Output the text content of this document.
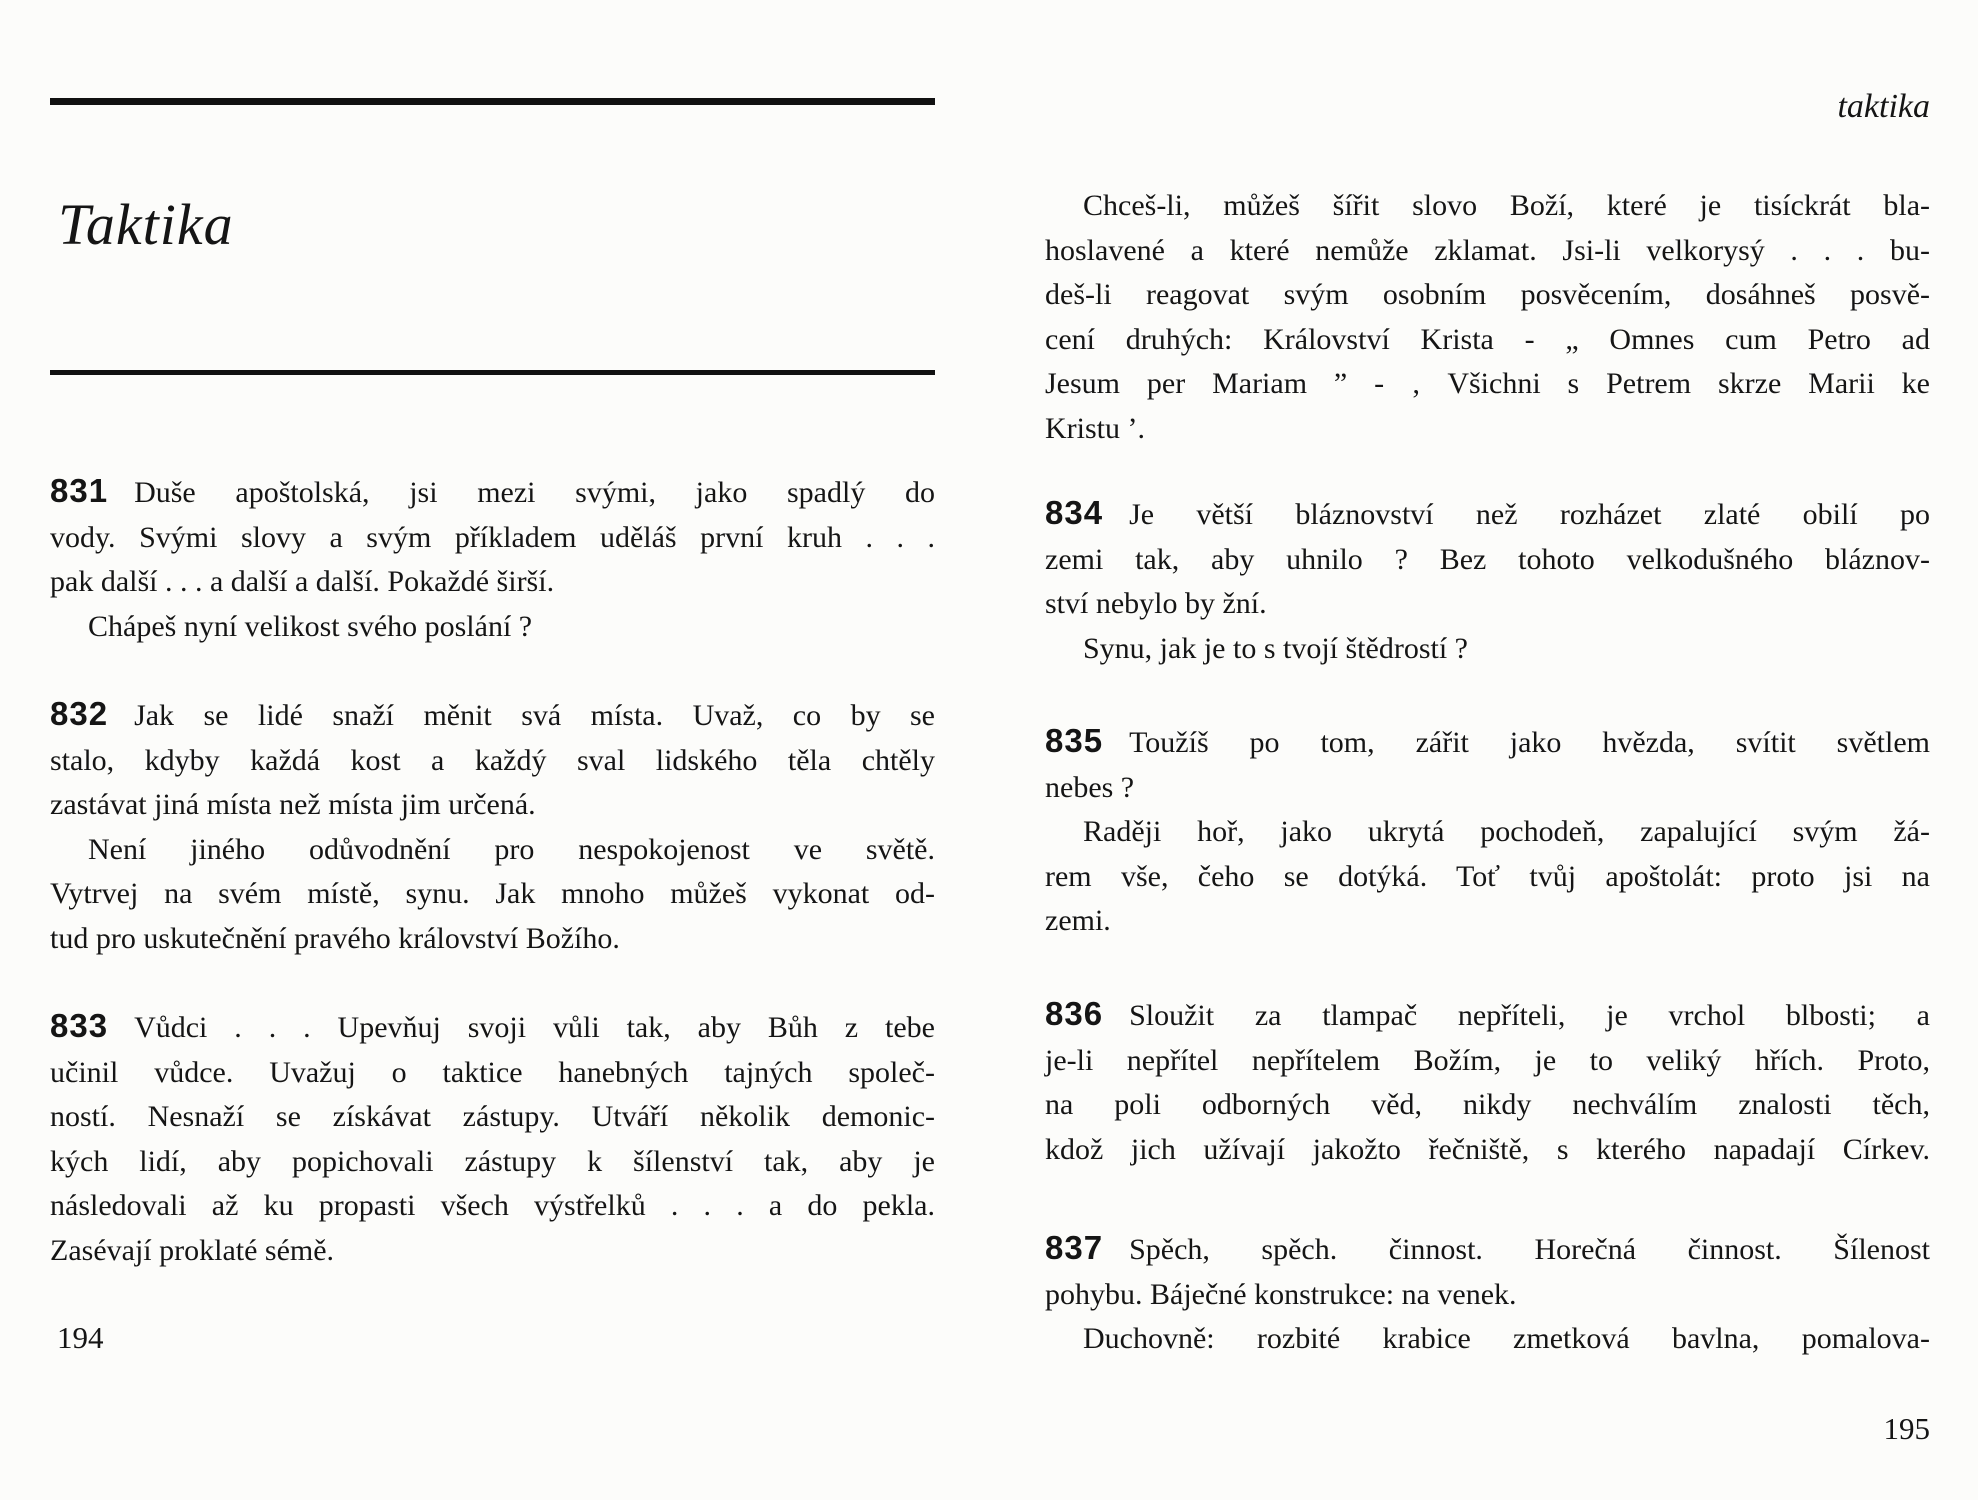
Taktika
831 Duše apoštolská, jsi mezi svými, jako spadlý do
vody. Svými slovy a svým příkladem uděláš první kruh . . .
pak další . . . a další a další. Pokaždé širší.
Chápeš nyní velikost svého poslání ?
832 Jak se lidé snaží měnit svá místa. Uvaž, co by se
stalo, kdyby každá kost a každý sval lidského těla chtěly
zastávat jiná místa než místa jim určená.
Není jiného odůvodnění pro nespokojenost ve světě.
Vytrvej na svém místě, synu. Jak mnoho můžeš vykonat od-
tud pro uskutečnění pravého království Božího.
833 Vůdci . . . Upevňuj svoji vůli tak, aby Bůh z tebe
učinil vůdce. Uvažuj o taktice hanebných tajných společ-
ností. Nesnaží se získávat zástupy. Utváří několik demonic-
kých lidí, aby popichovali zástupy k šílenství tak, aby je
následovali až ku propasti všech výstřelků . . . a do pekla.
Zasévají proklaté sémě.
194
taktika
Chceš-li, můžeš šířit slovo Boží, které je tisíckrát bla-
hoslavené a které nemůže zklamat. Jsi-li velkorysý . . . bu-
deš-li reagovat svým osobním posvěcením, dosáhneš posvě-
cení druhých: Království Krista - „ Omnes cum Petro ad
Jesum per Mariam ” - ‚ Všichni s Petrem skrze Marii ke
Kristu ’.
834 Je větší bláznovství než rozházet zlaté obilí po
zemi tak, aby uhnilo ? Bez tohoto velkodušného bláznov-
ství nebylo by žní.
Synu, jak je to s tvojí štědrostí ?
835 Toužíš po tom, zářit jako hvězda, svítit světlem
nebes ?
Raději hoř, jako ukrytá pochodeň, zapalující svým žá-
rem vše, čeho se dotýká. Toť tvůj apoštolát: proto jsi na
zemi.
836 Sloužit za tlampač nepříteli, je vrchol blbosti; a
je-li nepřítel nepřítelem Božím, je to veliký hřích. Proto,
na poli odborných věd, nikdy nechválím znalosti těch,
kdož jich užívají jakožto řečniště, s kterého napadají Církev.
837 Spěch, spěch. činnost. Horečná činnost. Šílenost
pohybu. Báječné konstrukce: na venek.
Duchovně: rozbité krabice zmetková bavlna, pomalova-
195
